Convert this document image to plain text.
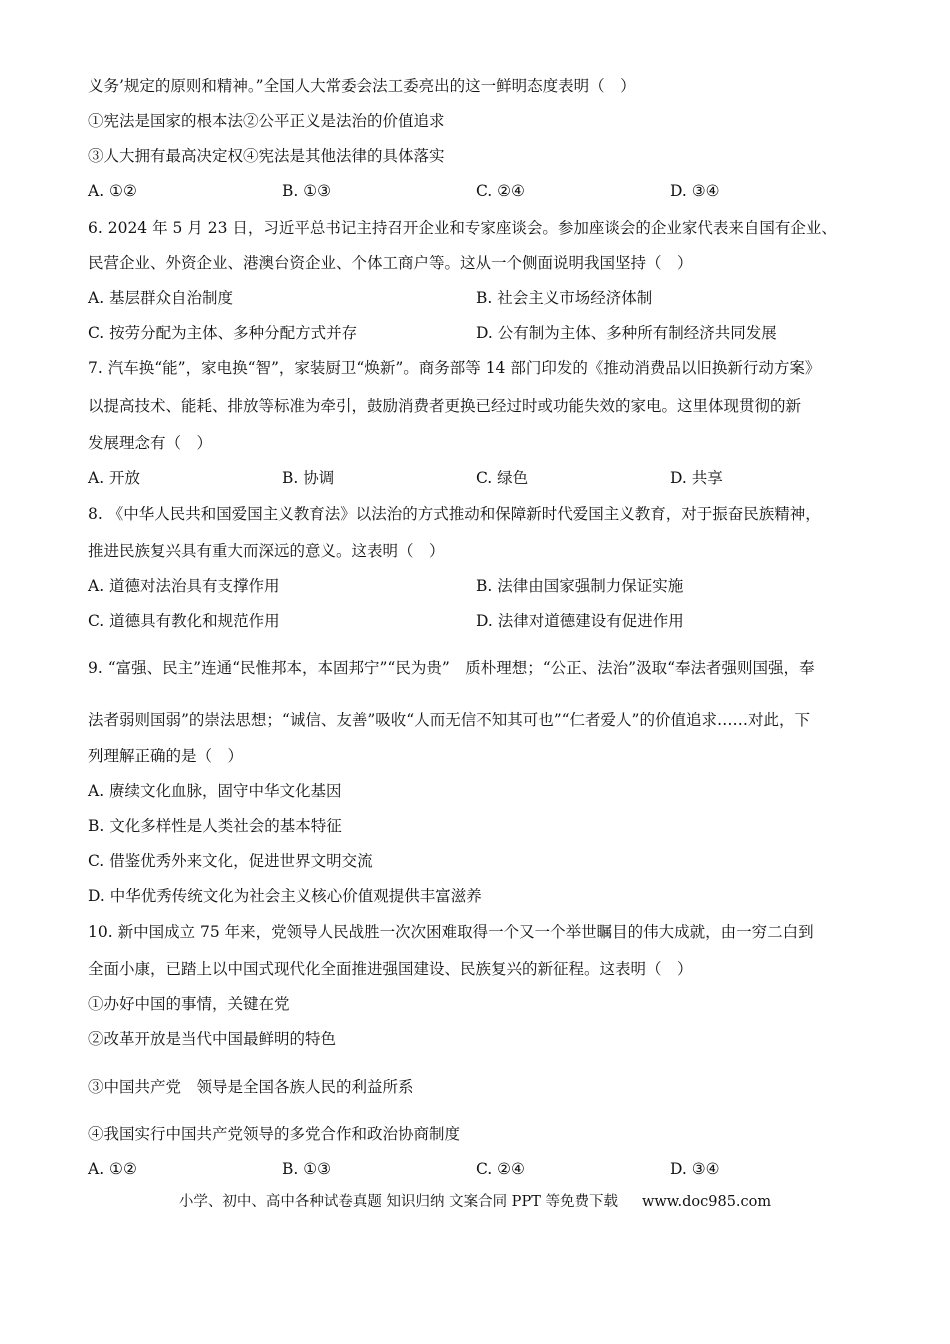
义务’规定的原则和精神。”全国人大常委会法工委亮出的这一鲜明态度表明（　）
①宪法是国家的根本法②公平正义是法治的价值追求
③人大拥有最高决定权④宪法是其他法律的具体落实
A. ①②	B. ①③	C. ②④	D. ③④
6. 2024 年 5 月 23 日，习近平总书记主持召开企业和专家座谈会。参加座谈会的企业家代表来自国有企业、
民营企业、外资企业、港澳台资企业、个体工商户等。这从一个侧面说明我国坚持（　）
A. 基层群众自治制度	B. 社会主义市场经济体制
C. 按劳分配为主体、多种分配方式并存	D. 公有制为主体、多种所有制经济共同发展
7. 汽车换“能”，家电换“智”，家装厨卫“焕新”。商务部等 14 部门印发的《推动消费品以旧换新行动方案》
以提高技术、能耗、排放等标准为牵引，鼓励消费者更换已经过时或功能失效的家电。这里体现贯彻的新
发展理念有（　）
A. 开放	B. 协调	C. 绿色	D. 共享
8. 《中华人民共和国爱国主义教育法》以法治的方式推动和保障新时代爱国主义教育，对于振奋民族精神，
推进民族复兴具有重大而深远的意义。这表明（　）
A. 道德对法治具有支撑作用	B. 法律由国家强制力保证实施
C. 道德具有教化和规范作用	D. 法律对道德建设有促进作用
9. “富强、民主”连通“民惟邦本，本固邦宁”“民为贵”　质朴理想；“公正、法治”汲取“奉法者强则国强，奉
法者弱则国弱”的崇法思想；“诚信、友善”吸收“人而无信不知其可也”“仁者爱人”的价值追求……对此，下
列理解正确的是（　）
A. 赓续文化血脉，固守中华文化基因
B. 文化多样性是人类社会的基本特征
C. 借鉴优秀外来文化，促进世界文明交流
D. 中华优秀传统文化为社会主义核心价值观提供丰富滋养
10. 新中国成立 75 年来，党领导人民战胜一次次困难取得一个又一个举世瞩目的伟大成就，由一穷二白到
全面小康，已踏上以中国式现代化全面推进强国建设、民族复兴的新征程。这表明（　）
①办好中国的事情，关键在党
②改革开放是当代中国最鲜明的特色
③中国共产党　领导是全国各族人民的利益所系
④我国实行中国共产党领导的多党合作和政治协商制度
A. ①②	B. ①③	C. ②④	D. ③④
小学、初中、高中各种试卷真题 知识归纳 文案合同 PPT 等免费下载 www.doc985.com
